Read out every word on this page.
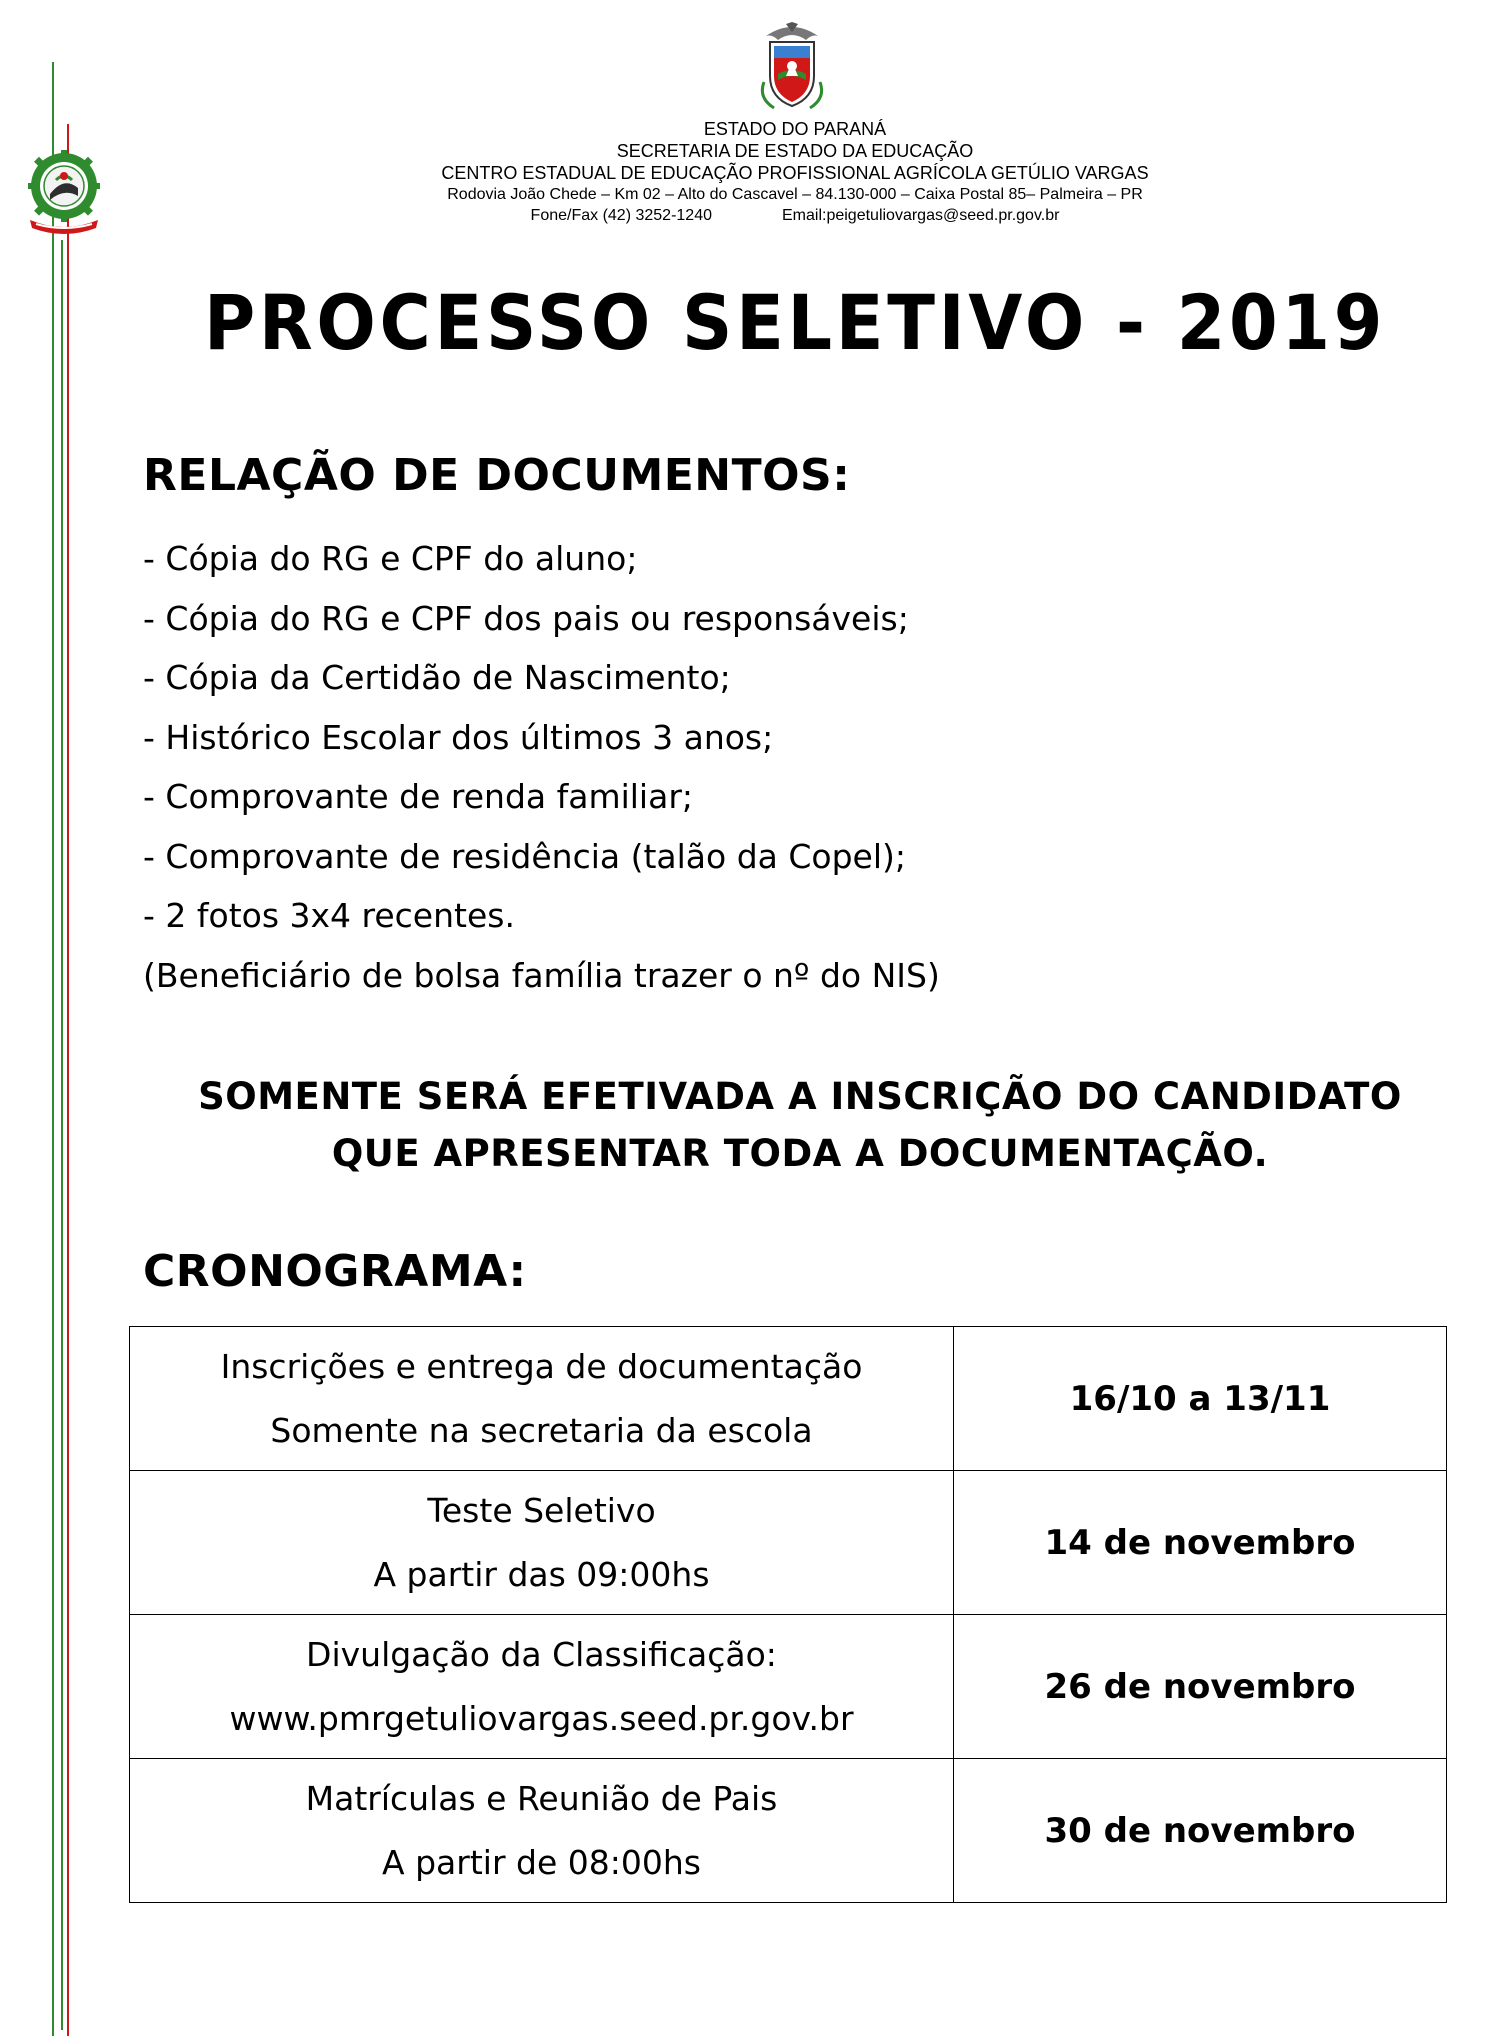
ESTADO DO PARANÁ
SECRETARIA DE ESTADO DA EDUCAÇÃO
CENTRO ESTADUAL DE EDUCAÇÃO PROFISSIONAL AGRÍCOLA GETÚLIO VARGAS
Rodovia João Chede – Km 02 – Alto do Cascavel – 84.130-000 – Caixa Postal 85– Palmeira – PR
Fone/Fax (42) 3252-1240	Email:peigetuliovargas@seed.pr.gov.br
PROCESSO SELETIVO - 2019
RELAÇÃO DE DOCUMENTOS:
- Cópia do RG e CPF do aluno;
- Cópia do RG e CPF dos pais ou responsáveis;
- Cópia da Certidão de Nascimento;
- Histórico Escolar dos últimos 3 anos;
- Comprovante de renda familiar;
- Comprovante de residência (talão da Copel);
- 2 fotos 3x4 recentes.
(Beneficiário de bolsa família trazer o nº do NIS)
SOMENTE SERÁ EFETIVADA A INSCRIÇÃO DO CANDIDATO
QUE APRESENTAR TODA A DOCUMENTAÇÃO.
CRONOGRAMA:
Inscrições e entrega de documentação
Somente na secretaria da escola	16/10 a 13/11

Teste Seletivo
A partir das 09:00hs	14 de novembro

Divulgação da Classificação:
www.pmrgetuliovargas.seed.pr.gov.br	26 de novembro

Matrículas e Reunião de Pais
A partir de 08:00hs	30 de novembro
